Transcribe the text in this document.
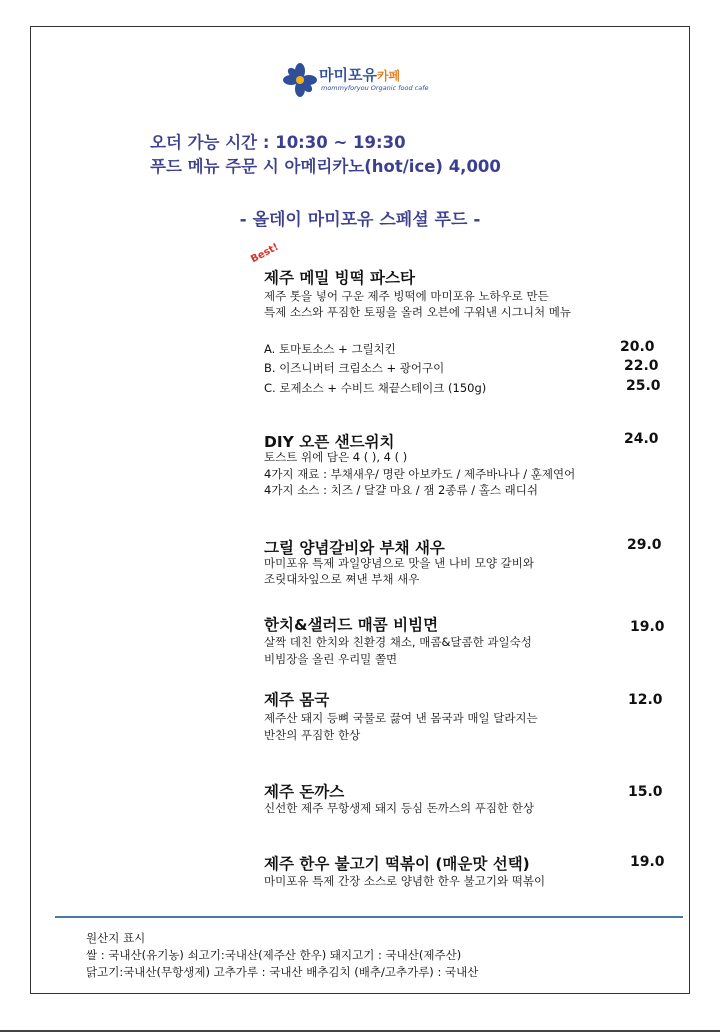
마미포유카페
mommyforyou Organic food cafe
오더 가능 시간 : 10:30 ~ 19:30
푸드 메뉴 주문 시 아메리카노(hot/ice) 4,000
- 올데이 마미포유 스페셜 푸드 -
Best!
제주 메밀 빙떡 파스타
제주 톳을 넣어 구운 제주 빙떡에 마미포유 노하우로 만든
특제 소스와 푸짐한 토핑을 올려 오븐에 구워낸 시그니처 메뉴
A. 토마토소스 + 그릴치킨	20.0
B. 이즈니버터 크림소스 + 광어구이	22.0
C. 로제소스 + 수비드 채끝스테이크 (150g)	25.0
DIY 오픈 샌드위치	24.0
토스트 위에 담은 4 ( ), 4 ( )
4가지 재료 : 부채새우/ 명란 아보카도 / 제주바나나 / 훈제연어
4가지 소스 : 치즈 / 달걀 마요 / 잼 2종류 / 홀스 래디쉬
그릴 양념갈비와 부채 새우	29.0
마미포유 특제 과일양념으로 맛을 낸 나비 모양 갈비와
조릿대차잎으로 쪄낸 부채 새우
한치&샐러드 매콤 비빔면	19.0
살짝 데친 한치와 친환경 채소, 매콤&달콤한 과일숙성
비빔장을 올린 우리밀 쫄면
제주 몸국	12.0
제주산 돼지 등뼈 국물로 끓여 낸 몸국과 매일 달라지는
반찬의 푸짐한 한상
제주 돈까스	15.0
신선한 제주 무항생제 돼지 등심 돈까스의 푸짐한 한상
제주 한우 불고기 떡볶이 (매운맛 선택)	19.0
마미포유 특제 간장 소스로 양념한 한우 불고기와 떡볶이
원산지 표시
쌀 : 국내산(유기농) 쇠고기:국내산(제주산 한우) 돼지고기 : 국내산(제주산)
닭고기:국내산(무항생제) 고추가루 : 국내산 배추김치 (배추/고추가루) : 국내산
